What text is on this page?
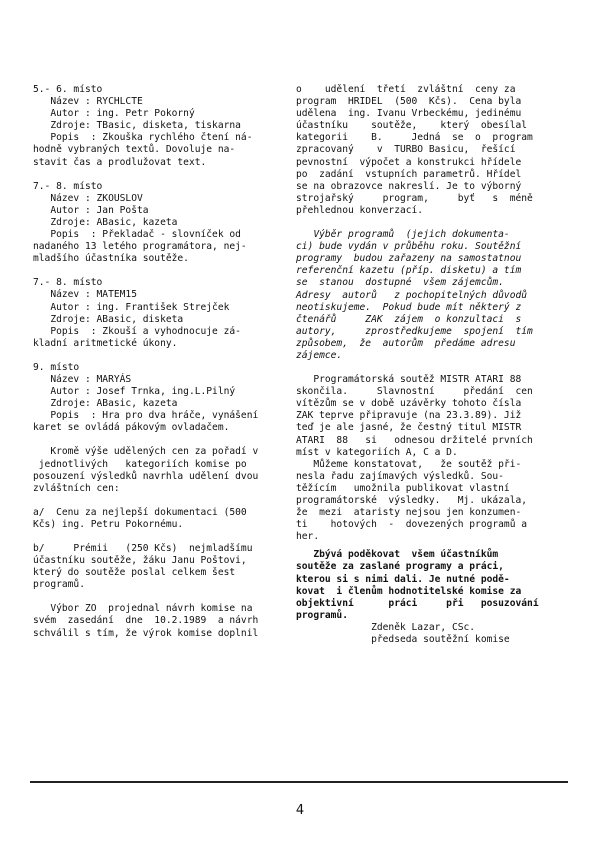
5.- 6. místo
Název : RYCHLCTE
Autor : ing. Petr Pokorný
Zdroje: TBasic, disketa, tiskarna
Popis  : Zkouška rychlého čtení ná-
hodně vybraných textů. Dovoluje na-
stavit čas a prodlužovat text.
7.- 8. místo
Název : ZKOUSLOV
Autor : Jan Pošta
Zdroje: ABasic, kazeta
Popis  : Překladač - slovníček od
nadaného 13 letého programátora, nej-
mladšího účastníka soutěže.
7.- 8. místo
Název : MATEM15
Autor : ing. František Strejček
Zdroje: ABasic, disketa
Popis  : Zkouší a vyhodnocuje zá-
kladní aritmetické úkony.
9. místo
Název : MARYÁS
Autor : Josef Trnka, ing.L.Pilný
Zdroje: ABasic, kazeta
Popis  : Hra pro dva hráče, vynášení
karet se ovládá pákovým ovladačem.
Kromě výše udělených cen za pořadí v
jednotlivých   kategoriích komise po
posouzení výsledků navrhla udělení dvou
zvláštních cen:
a/  Cenu za nejlepší dokumentaci (500
Kčs) ing. Petru Pokornému.
b/     Prémii   (250 Kčs)  nejmladšímu
účastníku soutěže, žáku Janu Poštovi,
který do soutěže poslal celkem šest
programů.
Výbor ZO  projednal návrh komise na
svém  zasedání  dne  10.2.1989  a návrh
schválil s tím, že výrok komise doplnil
o    udělení  třetí  zvláštní  ceny za
program  HRIDEL  (500  Kčs).  Cena byla
udělena  ing. Ivanu Vrbeckému, jedinému
účastníku    soutěže,    který  obesílal
kategorii    B.     Jedná  se  o  program
zpracovaný    v  TURBO Basicu,  řešící
pevnostní  výpočet a konstrukci hřídele
po  zadání  vstupních parametrů. Hřídel
se na obrazovce nakreslí. Je to výborný
strojařský     program,     byť   s  méně
přehlednou konverzací.
Výběr programů  (jejich dokumenta-
ci) bude vydán v průběhu roku. Soutěžní
programy  budou zařazeny na samostatnou
referenční kazetu (příp. disketu) a tím
se  stanou  dostupné  všem zájemcům.
Adresy  autorů   z pochopitelných důvodů
neotiskujeme.  Pokud bude mít některý z
čtenářů     ZAK  zájem  o konzultaci  s
autory,     zprostředkujeme  spojení  tím
způsobem,  že  autorům  předáme adresu
zájemce.
Programátorská soutěž MISTR ATARI 88
skončila.     Slavnostní     předání  cen
vítězům se v době uzávěrky tohoto čísla
ZAK teprve připravuje (na 23.3.89). Již
teď je ale jasné, že čestný titul MISTR
ATARI  88   si   odnesou držitelé prvních
míst v kategoriích A, C a D.
Můžeme konstatovat,   že soutěž při-
nesla řadu zajímavých výsledků. Sou-
těžícím   umožnila publikovat vlastní
programátorské  výsledky.   Mj. ukázala,
že  mezi  ataristy nejsou jen konzumen-
ti    hotových  -  dovezených programů a
her.
Zbývá poděkovat  všem účastníkům
soutěže za zaslané programy a práci,
kterou si s nimi dali. Je nutné podě-
kovat  i členům hodnotitelské komise za
objektivní      práci     při   posuzování
programů.
Zdeněk Lazar, CSc.
předseda soutěžní komise
4
